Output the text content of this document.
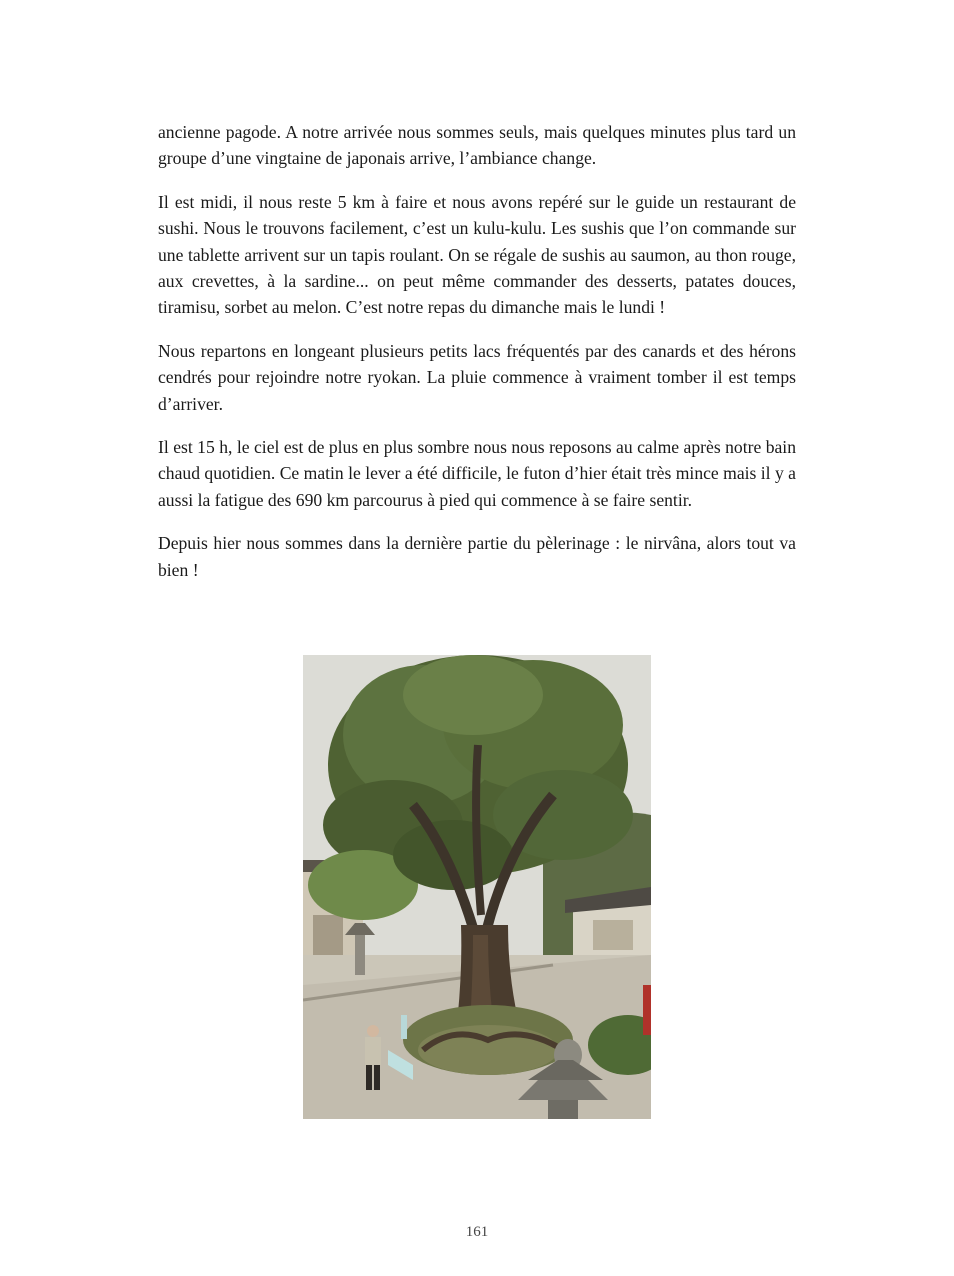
ancienne pagode. A notre arrivée nous sommes seuls, mais quelques minutes plus tard un groupe d’une vingtaine de japonais arrive, l’ambiance change.

Il est midi, il nous reste 5 km à faire et nous avons repéré sur le guide un restaurant de sushi. Nous le trouvons facilement, c’est un kulu-kulu. Les sushis que l’on commande sur une tablette arrivent sur un tapis roulant. On se régale de sushis au saumon, au thon rouge, aux crevettes, à la sardine... on peut même commander des desserts, patates douces, tiramisu, sorbet au melon. C’est notre repas du dimanche mais le lundi !

Nous repartons en longeant plusieurs petits lacs fréquentés par des canards et des hérons cendrés pour rejoindre notre ryokan. La pluie commence à vraiment tomber il est temps d’arriver.

Il est 15 h, le ciel est de plus en plus sombre nous nous reposons au calme après notre bain chaud quotidien. Ce matin le lever a été difficile, le futon d’hier était très mince mais il y a aussi la fatigue des 690 km parcourus à pied qui commence à se faire sentir.

Depuis hier nous sommes dans la dernière partie du pèlerinage : le nirvâna, alors tout va bien !

161
